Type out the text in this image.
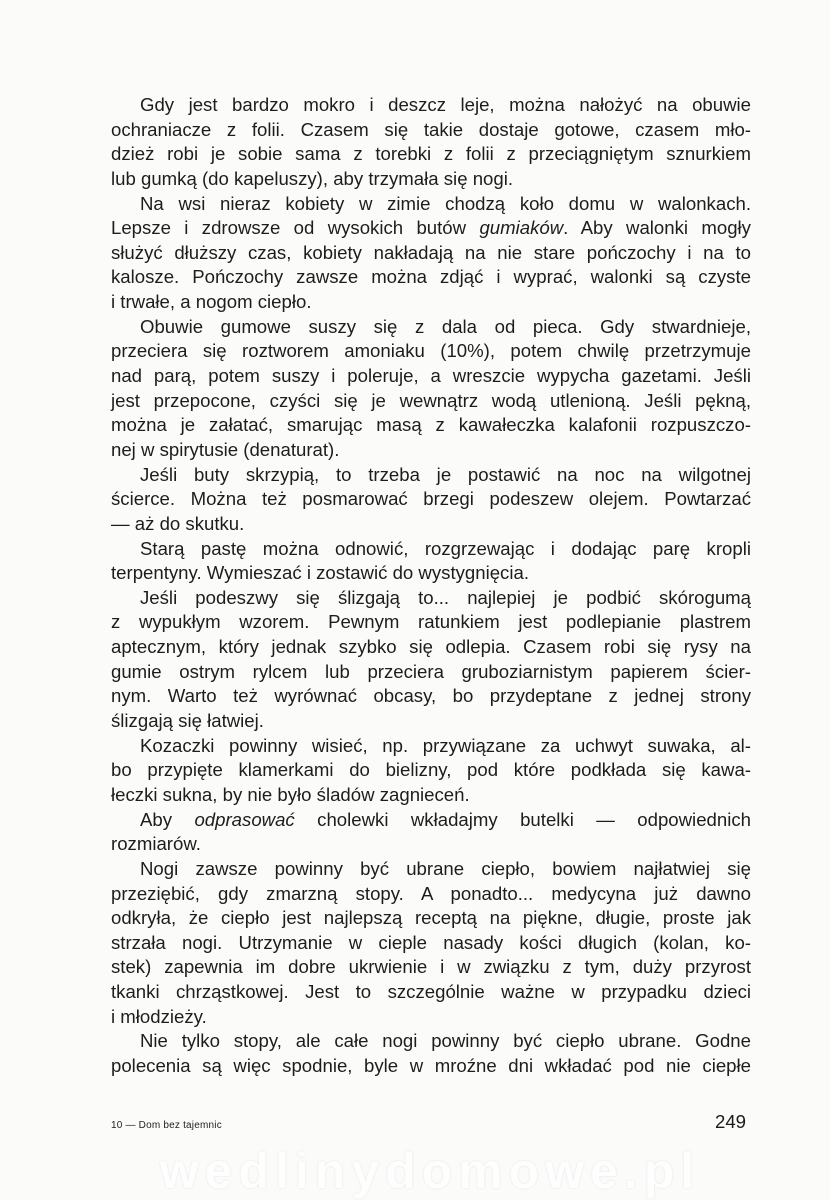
Gdy jest bardzo mokro i deszcz leje, można nałożyć na obuwie
ochraniacze z folii. Czasem się takie dostaje gotowe, czasem mło-
dzież robi je sobie sama z torebki z folii z przeciągniętym sznurkiem
lub gumką (do kapeluszy), aby trzymała się nogi.
Na wsi nieraz kobiety w zimie chodzą koło domu w walonkach.
Lepsze i zdrowsze od wysokich butów gumiaków. Aby walonki mogły
służyć dłuższy czas, kobiety nakładają na nie stare pończochy i na to
kalosze. Pończochy zawsze można zdjąć i wyprać, walonki są czyste
i trwałe, a nogom ciepło.
Obuwie gumowe suszy się z dala od pieca. Gdy stwardnieje,
przeciera się roztworem amoniaku (10%), potem chwilę przetrzymuje
nad parą, potem suszy i poleruje, a wreszcie wypycha gazetami. Jeśli
jest przepocone, czyści się je wewnątrz wodą utlenioną. Jeśli pękną,
można je załatać, smarując masą z kawałeczka kalafonii rozpuszczo-
nej w spirytusie (denaturat).
Jeśli buty skrzypią, to trzeba je postawić na noc na wilgotnej
ścierce. Można też posmarować brzegi podeszew olejem. Powtarzać
— aż do skutku.
Starą pastę można odnowić, rozgrzewając i dodając parę kropli
terpentyny. Wymieszać i zostawić do wystygnięcia.
Jeśli podeszwy się ślizgają to... najlepiej je podbić skórogumą
z wypukłym wzorem. Pewnym ratunkiem jest podlepianie plastrem
aptecznym, który jednak szybko się odlepia. Czasem robi się rysy na
gumie ostrym rylcem lub przeciera gruboziarnistym papierem ścier-
nym. Warto też wyrównać obcasy, bo przydeptane z jednej strony
ślizgają się łatwiej.
Kozaczki powinny wisieć, np. przywiązane za uchwyt suwaka, al-
bo przypięte klamerkami do bielizny, pod które podkłada się kawa-
łeczki sukna, by nie było śladów zagnieceń.
Aby odprasować cholewki wkładajmy butelki — odpowiednich
rozmiarów.
Nogi zawsze powinny być ubrane ciepło, bowiem najłatwiej się
przeziębić, gdy zmarzną stopy. A ponadto... medycyna już dawno
odkryła, że ciepło jest najlepszą receptą na piękne, długie, proste jak
strzała nogi. Utrzymanie w cieple nasady kości długich (kolan, ko-
stek) zapewnia im dobre ukrwienie i w związku z tym, duży przyrost
tkanki chrząstkowej. Jest to szczególnie ważne w przypadku dzieci
i młodzieży.
Nie tylko stopy, ale całe nogi powinny być ciepło ubrane. Godne
polecenia są więc spodnie, byle w mroźne dni wkładać pod nie ciepłe
10 — Dom bez tajemnic	249
wedlinydomowe.pl
